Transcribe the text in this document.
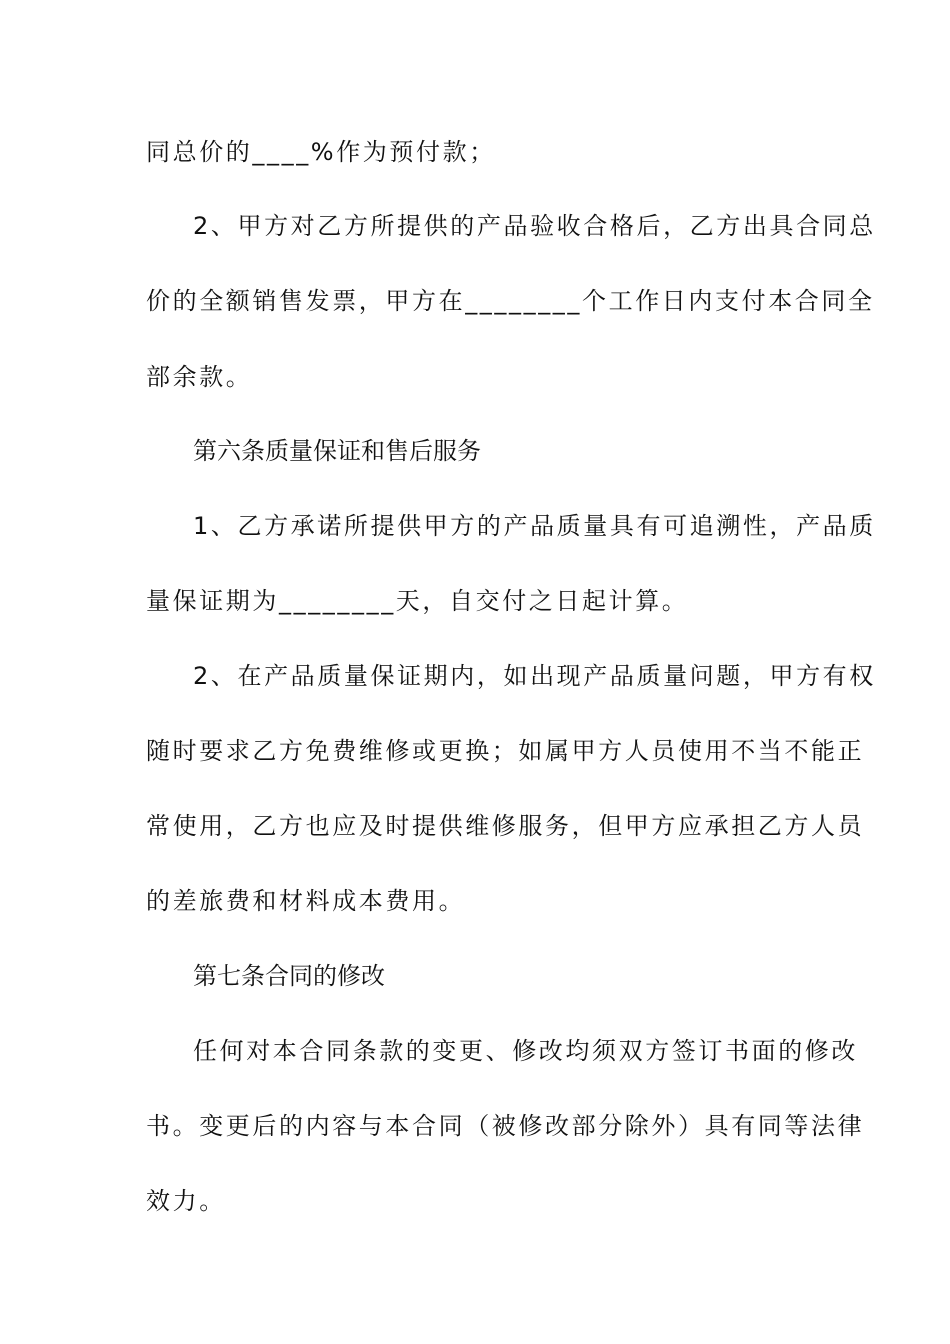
同总价的____%作为预付款；
2、甲方对乙方所提供的产品验收合格后，乙方出具合同总
价的全额销售发票，甲方在________个工作日内支付本合同全
部余款。
第六条质量保证和售后服务
1、乙方承诺所提供甲方的产品质量具有可追溯性，产品质
量保证期为________天，自交付之日起计算。
2、在产品质量保证期内，如出现产品质量问题，甲方有权
随时要求乙方免费维修或更换；如属甲方人员使用不当不能正
常使用，乙方也应及时提供维修服务，但甲方应承担乙方人员
的差旅费和材料成本费用。
第七条合同的修改
任何对本合同条款的变更、修改均须双方签订书面的修改
书。变更后的内容与本合同（被修改部分除外）具有同等法律
效力。
